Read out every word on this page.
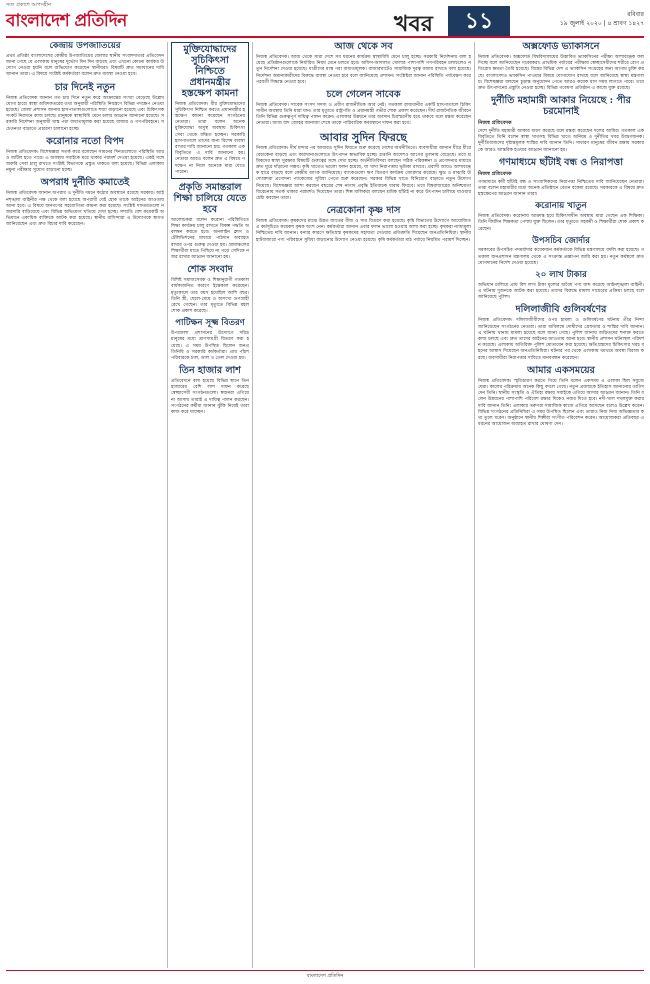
সত্য প্রকাশে আপসহীন
বাংলাদেশ প্রতিদিন	খবর	১১	রবিবার
১৯ জুলাই ২০২০ | ৪ শ্রাবণ ১৪২৭
কেন্দ্রীয় উপজাতিয়ের

প্রথম প্রতিষ্ঠা বাংলাদেশের কেন্দ্রীয় উপজাতিয়ের জেলার স্থানীয় সংবাদদাতার প্রতিবেদন জানা গেছে যে এলাকায় মানুষের দুর্ভোগ দিন দিন বাড়ছে এবং এখনো কোনো কার্যকর উদ্যোগ নেওয়া হয়নি বলে অভিযোগ করেছেন স্থানীয়রা। বিষয়টি দ্রুত সমাধানের দাবি জানান তারা। এ বিষয়ে সংশ্লিষ্ট কর্মকর্তারা বলেন দ্রুত ব্যবস্থা নেওয়া হবে।

চার দিনেই নতুন

নিজস্ব প্রতিবেদক জানান গত চার দিনে নতুন করে আক্রান্তের সংখ্যা বেড়েছে উল্লেখযোগ্য হারে। স্বাস্থ্য অধিদফতরের তথ্য অনুযায়ী পরিস্থিতি নিয়ন্ত্রণে বিভিন্ন পদক্ষেপ নেওয়া হয়েছে। জেলা প্রশাসন জানায় হাসপাতালগুলোতে শয্যা বাড়ানো হয়েছে এবং চিকিৎসক সংকট নিরসনে কাজ চলছে। মানুষকে স্বাস্থ্যবিধি মেনে চলার আহ্বান জানানো হয়েছে। সরকারি নির্দেশনা অনুযায়ী মাস্ক পরা বাধ্যতামূলক করা হয়েছে বাজার ও গণপরিবহনে। সচেতনতা বাড়াতে প্রচারণা চালানো হচ্ছে।

করোনার নতো বিপদ

নিজস্ব প্রতিবেদক। বিশেষজ্ঞরা সতর্ক করে বলেছেন সামনের দিনগুলোতে পরিস্থিতি আরও জটিল হতে পারে। এ অবস্থায় সবাইকে ঘরে থাকার পরামর্শ দেওয়া হয়েছে। একই সঙ্গে জরুরি সেবা চালু রাখতে সংশ্লিষ্ট বিভাগকে প্রস্তুত থাকতে বলা হয়েছে। বিভিন্ন এলাকায় নমুনা পরীক্ষার সুযোগ বাড়ানো হচ্ছে।

অপরাধ দুর্নীতি কমাতেই

নিজস্ব প্রতিবেদক জানান অপরাধ ও দুর্নীতি দমনে কঠোর অবস্থানে রয়েছে সরকার। আইনশৃঙ্খলা বাহিনীর পক্ষ থেকে বলা হয়েছে অপরাধী যেই হোক তাকে আইনের আওতায় আনা হবে। এ বিষয়ে জনগণের সহযোগিতা কামনা করা হয়েছে। সংশ্লিষ্ট দফতরগুলো নজরদারি বাড়িয়েছে এবং বিভিন্ন অভিযোগ খতিয়ে দেখা হচ্ছে। সম্প্রতি বেশ কয়েকটি অভিযানে একাধিক ব্যক্তিকে আটক করা হয়েছে। স্থানীয় বাসিন্দারা এ উদ্যোগকে স্বাগত জানিয়েছেন এবং দ্রুত বিচার দাবি করেছেন।

মুক্তিযোদ্ধাদের সুচিকিৎসা নিশ্চিতে প্রধানমন্ত্রীর হস্তক্ষেপ কামনা

নিজস্ব প্রতিবেদক। বীর মুক্তিযোদ্ধাদের সুচিকিৎসা নিশ্চিত করতে প্রধানমন্ত্রীর হস্তক্ষেপ কামনা করেছেন সংগঠনের নেতারা। তারা বলেন অনেক মুক্তিযোদ্ধা অসুস্থ অবস্থায় চিকিৎসা সেবা থেকে বঞ্চিত হচ্ছেন। সরকারি হাসপাতালে তাদের জন্য বিশেষ ব্যবস্থা রাখার দাবি জানানো হয়। গতকাল এক বিবৃতিতে এ দাবি জানানো হয়। নেতারা আরও বলেন দ্রুত এ বিষয়ে পদক্ষেপ না নিলে অনেকে মারা যেতে পারেন।

প্রকৃতি সমান্তরাল শিক্ষা চালিয়ে যেতে হবে

আলোচকরা বলেন করোনা পরিস্থিতিতে শিক্ষা কার্যক্রম চালু রাখতে বিকল্প পদ্ধতি অবলম্বন করতে হবে। অনলাইন ক্লাস ও টেলিভিশনের মাধ্যমে পাঠদান অব্যাহত রাখার ওপর গুরুত্ব দেওয়া হয়। গ্রামাঞ্চলের শিক্ষার্থীরা যাতে পিছিয়ে না পড়ে সেদিকে নজর রাখার আহ্বান জানানো হয়।

শোক সংবাদ

বিশিষ্ট সমাজসেবক ও শিক্ষানুরাগী গতকাল বার্ধক্যজনিত কারণে ইন্তেকাল করেছেন। মৃত্যুকালে তার বয়স হয়েছিল আশি বছর। তিনি স্ত্রী, ছেলে-মেয়ে ও অসংখ্য গুণগ্রাহী রেখে গেছেন। তার মৃত্যুতে বিভিন্ন মহল শোক প্রকাশ করেছে।

পাটিক্ষন সূক্ষ্ম বিতরণ

উপজেলা প্রশাসনের উদ্যোগে দরিদ্র মানুষের মধ্যে ত্রাণসামগ্রী বিতরণ করা হয়েছে। এ সময় উপস্থিত ছিলেন জনপ্রতিনিধি ও সরকারি কর্মকর্তারা। প্রায় পাঁচশ পরিবারকে চাল, ডাল ও তেল দেওয়া হয়।

তিন হাজার লাশ

প্রতিবেদনে বলা হয়েছে বিভিন্ন স্থানে তিন হাজারের বেশি লাশ দাফন করেছে স্বেচ্ছাসেবী সংগঠনগুলো। স্বজনরা এগিয়ে না আসায় তারাই এ দায়িত্ব পালন করছেন। সংগঠনের কর্মীরা জানান ঝুঁকি নিয়েই তারা কাজ করে যাচ্ছেন।

আজ থেকে সব

নিজস্ব প্রতিবেদক। আজ থেকে সারা দেশে সব ধরনের কার্যক্রম স্বাস্থ্যবিধি মেনে চালু হচ্ছে। সরকারি নির্দেশনায় বলা হয়েছে প্রতিষ্ঠানগুলোকে নির্ধারিত নিয়ম মেনে চলতে হবে। অফিস-আদালত খোলার পাশাপাশি গণপরিবহন চলাচলেও নতুন নির্দেশনা দেওয়া হয়েছে। যাত্রীদের মাস্ক পরা বাধ্যতামূলক। বাজারঘাটেও সামাজিক দূরত্ব বজায় রাখতে বলা হয়েছে। নির্দেশনা অমান্যকারীদের বিরুদ্ধে ব্যবস্থা নেওয়া হবে বলে জানিয়েছে প্রশাসন। সংশ্লিষ্টরা জানান পরিস্থিতি পর্যবেক্ষণ করে পরবর্তী সিদ্ধান্ত নেওয়া হবে।

চলে গেলেন সাবেক

নিজস্ব প্রতিবেদক। সাবেক সংসদ সদস্য ও প্রবীণ রাজনীতিক আর নেই। গতকাল রাজধানীর একটি হাসপাতালে চিকিৎসাধীন অবস্থায় তিনি মারা যান। তার মৃত্যুতে রাষ্ট্রপতি ও প্রধানমন্ত্রী গভীর শোক প্রকাশ করেছেন। দীর্ঘ রাজনৈতিক জীবনে তিনি বিভিন্ন গুরুত্বপূর্ণ দায়িত্ব পালন করেন। এলাকার উন্নয়নে তার অবদান চিরস্মরণীয় হয়ে থাকবে বলে মন্তব্য করেছেন নেতারা। আজ বাদ জোহর জানাজা শেষে তাকে পারিবারিক কবরস্থানে দাফন করা হবে।

আবার সুদিন ফিরছে

নিজস্ব প্রতিবেদক। দীর্ঘ মন্দার পর আবারও সুদিন ফিরতে শুরু করেছে দেশের অর্থনীতিতে। ব্যবসায়ীরা জানান ধীরে ধীরে বেচাকেনা বাড়ছে এবং কারখানাগুলোতে উৎপাদন স্বাভাবিক হচ্ছে। রপ্তানি আদেশও আগের তুলনায় বেড়েছে। তবে শ্রমিকদের স্বাস্থ্য সুরক্ষার বিষয়টি গুরুত্বের সঙ্গে দেখা হচ্ছে। অর্থনীতিবিদরা বলছেন সঠিক পরিকল্পনা ও প্রণোদনার মাধ্যমে দ্রুত ঘুরে দাঁড়ানো সম্ভব। কৃষি খাতেও ভালো ফলন হয়েছে, যা খাদ্য নিরাপত্তায় ভূমিকা রাখবে। প্রবাসী আয়ও আশাব্যঞ্জক হারে বাড়ছে বলে কেন্দ্রীয় ব্যাংক জানিয়েছে। ব্যাংকগুলো ঋণ বিতরণ কার্যক্রম জোরদার করেছে। ক্ষুদ্র ও মাঝারি উদ্যোক্তারা প্রণোদনা প্যাকেজের সুবিধা পেতে শুরু করেছেন। সরকার বিভিন্ন খাতে বিনিয়োগ বাড়াতে নতুন উদ্যোগ নিয়েছে। বিশেষজ্ঞরা আশা করছেন বছরের শেষ নাগাদ প্রবৃদ্ধি ইতিবাচক ধারায় ফিরবে। তবে বিশ্ববাজারের অনিশ্চয়তা বিবেচনায় সতর্ক থাকার পরামর্শও দিয়েছেন তারা। শিল্প মালিকরা বলছেন শ্রমিক ছাঁটাই না করে উৎপাদন চালিয়ে যাওয়ার চেষ্টা করছেন তারা।

নেত্রকোনা কৃষ্ণ দাস

নিজস্ব প্রতিবেদক। কৃষকদের মাঝে উন্নত জাতের বীজ ও সার বিতরণ করা হয়েছে। কৃষি বিভাগের উদ্যোগে আয়োজিত এ কর্মসূচিতে কয়েকশ কৃষক অংশ নেন। কর্মকর্তারা জানান এবার ফলন ভালো হওয়ার আশা করা হচ্ছে। কৃষকরা ন্যায্যমূল্য নিশ্চিতের দাবি জানান। বন্যার কারণে ক্ষতিগ্রস্ত কৃষকদের সহায়তা দেওয়ার প্রতিশ্রুতি দিয়েছেন জনপ্রতিনিধিরা। স্থানীয় হাটবাজারে পণ্য পরিবহনে সুবিধা বাড়ানোর উদ্যোগ নেওয়া হয়েছে। কৃষি কর্মকর্তারা মাঠ পর্যায়ে নিয়মিত পরামর্শ দিচ্ছেন।

অক্সফোর্ড ভ্যাকসিনে

নিজস্ব প্রতিবেদক। অক্সফোর্ড বিশ্ববিদ্যালয়ের উদ্ভাবিত ভ্যাকসিনের পরীক্ষা আশাব্যঞ্জক ফল দিচ্ছে বলে জানিয়েছেন গবেষকরা। প্রাথমিক পর্যায়ের পরীক্ষায় স্বেচ্ছাসেবীদের শরীরে রোগ প্রতিরোধ ক্ষমতা তৈরি হয়েছে। বিশ্বের বিভিন্ন দেশ এ ভ্যাকসিন সংগ্রহের জন্য আগাম চুক্তি করছে। বাংলাদেশও ভ্যাকসিন পাওয়ার বিষয়ে যোগাযোগ রাখছে বলে জানিয়েছে স্বাস্থ্য মন্ত্রণালয়। বিশেষজ্ঞরা বলছেন চূড়ান্ত অনুমোদন পেতে আরও কয়েক মাস সময় লাগতে পারে। তবে দ্রুত উৎপাদনের প্রস্তুতি নেওয়া হচ্ছে। বিভিন্ন গবেষণা প্রতিষ্ঠান এ কাজে যুক্ত রয়েছে।

দুর্নীতি মহামারী আকার নিয়েছে : পীর চরমোনাই
নিজস্ব প্রতিবেদক

দেশে দুর্নীতি মহামারী আকার ধারণ করেছে বলে মন্তব্য করেছেন দলের আমির। গতকাল এক বিবৃতিতে তিনি বলেন স্বাস্থ্য খাতসহ বিভিন্ন খাতে অনিয়ম ও দুর্নীতির খবর উদ্বেগজনক। দুর্নীতিবাজদের দৃষ্টান্তমূলক শাস্তির দাবি জানান তিনি। সাধারণ মানুষের জীবন রক্ষায় সরকারকে আরও আন্তরিক হওয়ার আহ্বান জানানো হয়।

গণমাধ্যমে ছাঁটাই বন্ধ ও নিরাপত্তা
নিজস্ব প্রতিবেদক

গণমাধ্যমে কর্মী ছাঁটাই বন্ধ ও সাংবাদিকদের নিরাপত্তা নিশ্চিতের দাবি জানিয়েছেন নেতারা। তারা বলেন মহামারীর মধ্যে অনেক প্রতিষ্ঠানে বেতন বকেয়া রয়েছে। সরকারকে এ বিষয়ে দ্রুত হস্তক্ষেপের আহ্বান জানান তারা।

করোনায় খাতুন

নিজস্ব প্রতিবেদক। করোনায় আক্রান্ত হয়ে চিকিৎসাধীন অবস্থায় মারা গেছেন এক শিক্ষিকা। তিনি দীর্ঘদিন শিক্ষকতা পেশায় যুক্ত ছিলেন। তার মৃত্যুতে সহকর্মী ও শিক্ষার্থীরা শোক প্রকাশ করেছেন।

উপসচিব জোর্দার

সরকারের উপসচিব পদমর্যাদার কয়েকজন কর্মকর্তাকে বিভিন্ন মন্ত্রণালয়ে বদলি করা হয়েছে। গতকাল জনপ্রশাসন মন্ত্রণালয় থেকে এ সংক্রান্ত প্রজ্ঞাপন জারি করা হয়। নতুন কর্মস্থলে দ্রুত যোগদানের নির্দেশ দেওয়া হয়েছে।

২০ লাখ টাকার

অভিযান চালিয়ে প্রায় বিশ লাখ টাকা মূল্যের অবৈধ পণ্য জব্দ করেছে আইনশৃঙ্খলা বাহিনী। এ ঘটনায় দুজনকে আটক করা হয়েছে। তাদের বিরুদ্ধে মামলা দায়েরের প্রক্রিয়া চলছে বলে জানিয়েছে পুলিশ।

দলিলাজীবি গুলিবর্ষণের

নিজস্ব প্রতিবেদক। দলিলাজীবীদের ওপর হামলা ও গুলিবর্ষণের ঘটনায় তীব্র নিন্দা জানিয়েছেন সংগঠনের নেতারা। তারা অবিলম্বে দোষীদের গ্রেফতার ও শাস্তির দাবি জানান। এ ঘটনায় থানায় মামলা হয়েছে বলে জানা গেছে। পুলিশ জানায় জড়িতদের শনাক্ত করতে কাজ চলছে এবং দ্রুত তাদের আইনের আওতায় আনা হবে। স্থানীয় প্রশাসন ঘটনাস্থল পরিদর্শন করেছে। এলাকায় অতিরিক্ত পুলিশ মোতায়েন করা হয়েছে। ক্ষতিগ্রস্তদের চিকিৎসার খরচ বহনের আশ্বাস দিয়েছেন জনপ্রতিনিধিরা। ঘটনার পর থেকে এলাকায় থমথমে অবস্থা বিরাজ করছে। ব্যবসায়ীরা নিরাপত্তার দাবিতে মানববন্ধন করেছেন।

আমার একসময়ের

নিজস্ব প্রতিবেদক। স্মৃতিচারণ করতে গিয়ে তিনি বলেন একসময় এ এলাকা ছিল সবুজে ঘেরা। কালের পরিক্রমায় অনেক কিছু বদলে গেছে। নতুন প্রজন্মকে ইতিহাস জানানোর তাগিদ দেন তিনি। স্থানীয় সংস্কৃতি ও ঐতিহ্য রক্ষায় সবাইকে এগিয়ে আসার আহ্বান জানান। তিনি বলেন উন্নয়নের পাশাপাশি পরিবেশ রক্ষার দিকেও নজর দিতে হবে। নদী-খাল দখলমুক্ত করার দাবি জানান তিনি। এলাকার তরুণরা সামাজিক কাজে এগিয়ে আসছেন বলেও উল্লেখ করেন। বিভিন্ন সংগঠনের প্রতিনিধিরা এ সময় উপস্থিত ছিলেন এবং তারাও নিজ নিজ অভিজ্ঞতার কথা তুলে ধরেন। অনুষ্ঠানে স্থানীয় শিল্পীরা সংগীত পরিবেশন করেন। আয়োজকরা প্রতিবছর এ ধরনের আয়োজন অব্যাহত রাখার ঘোষণা দেন।

বাংলাদেশ প্রতিদিন
